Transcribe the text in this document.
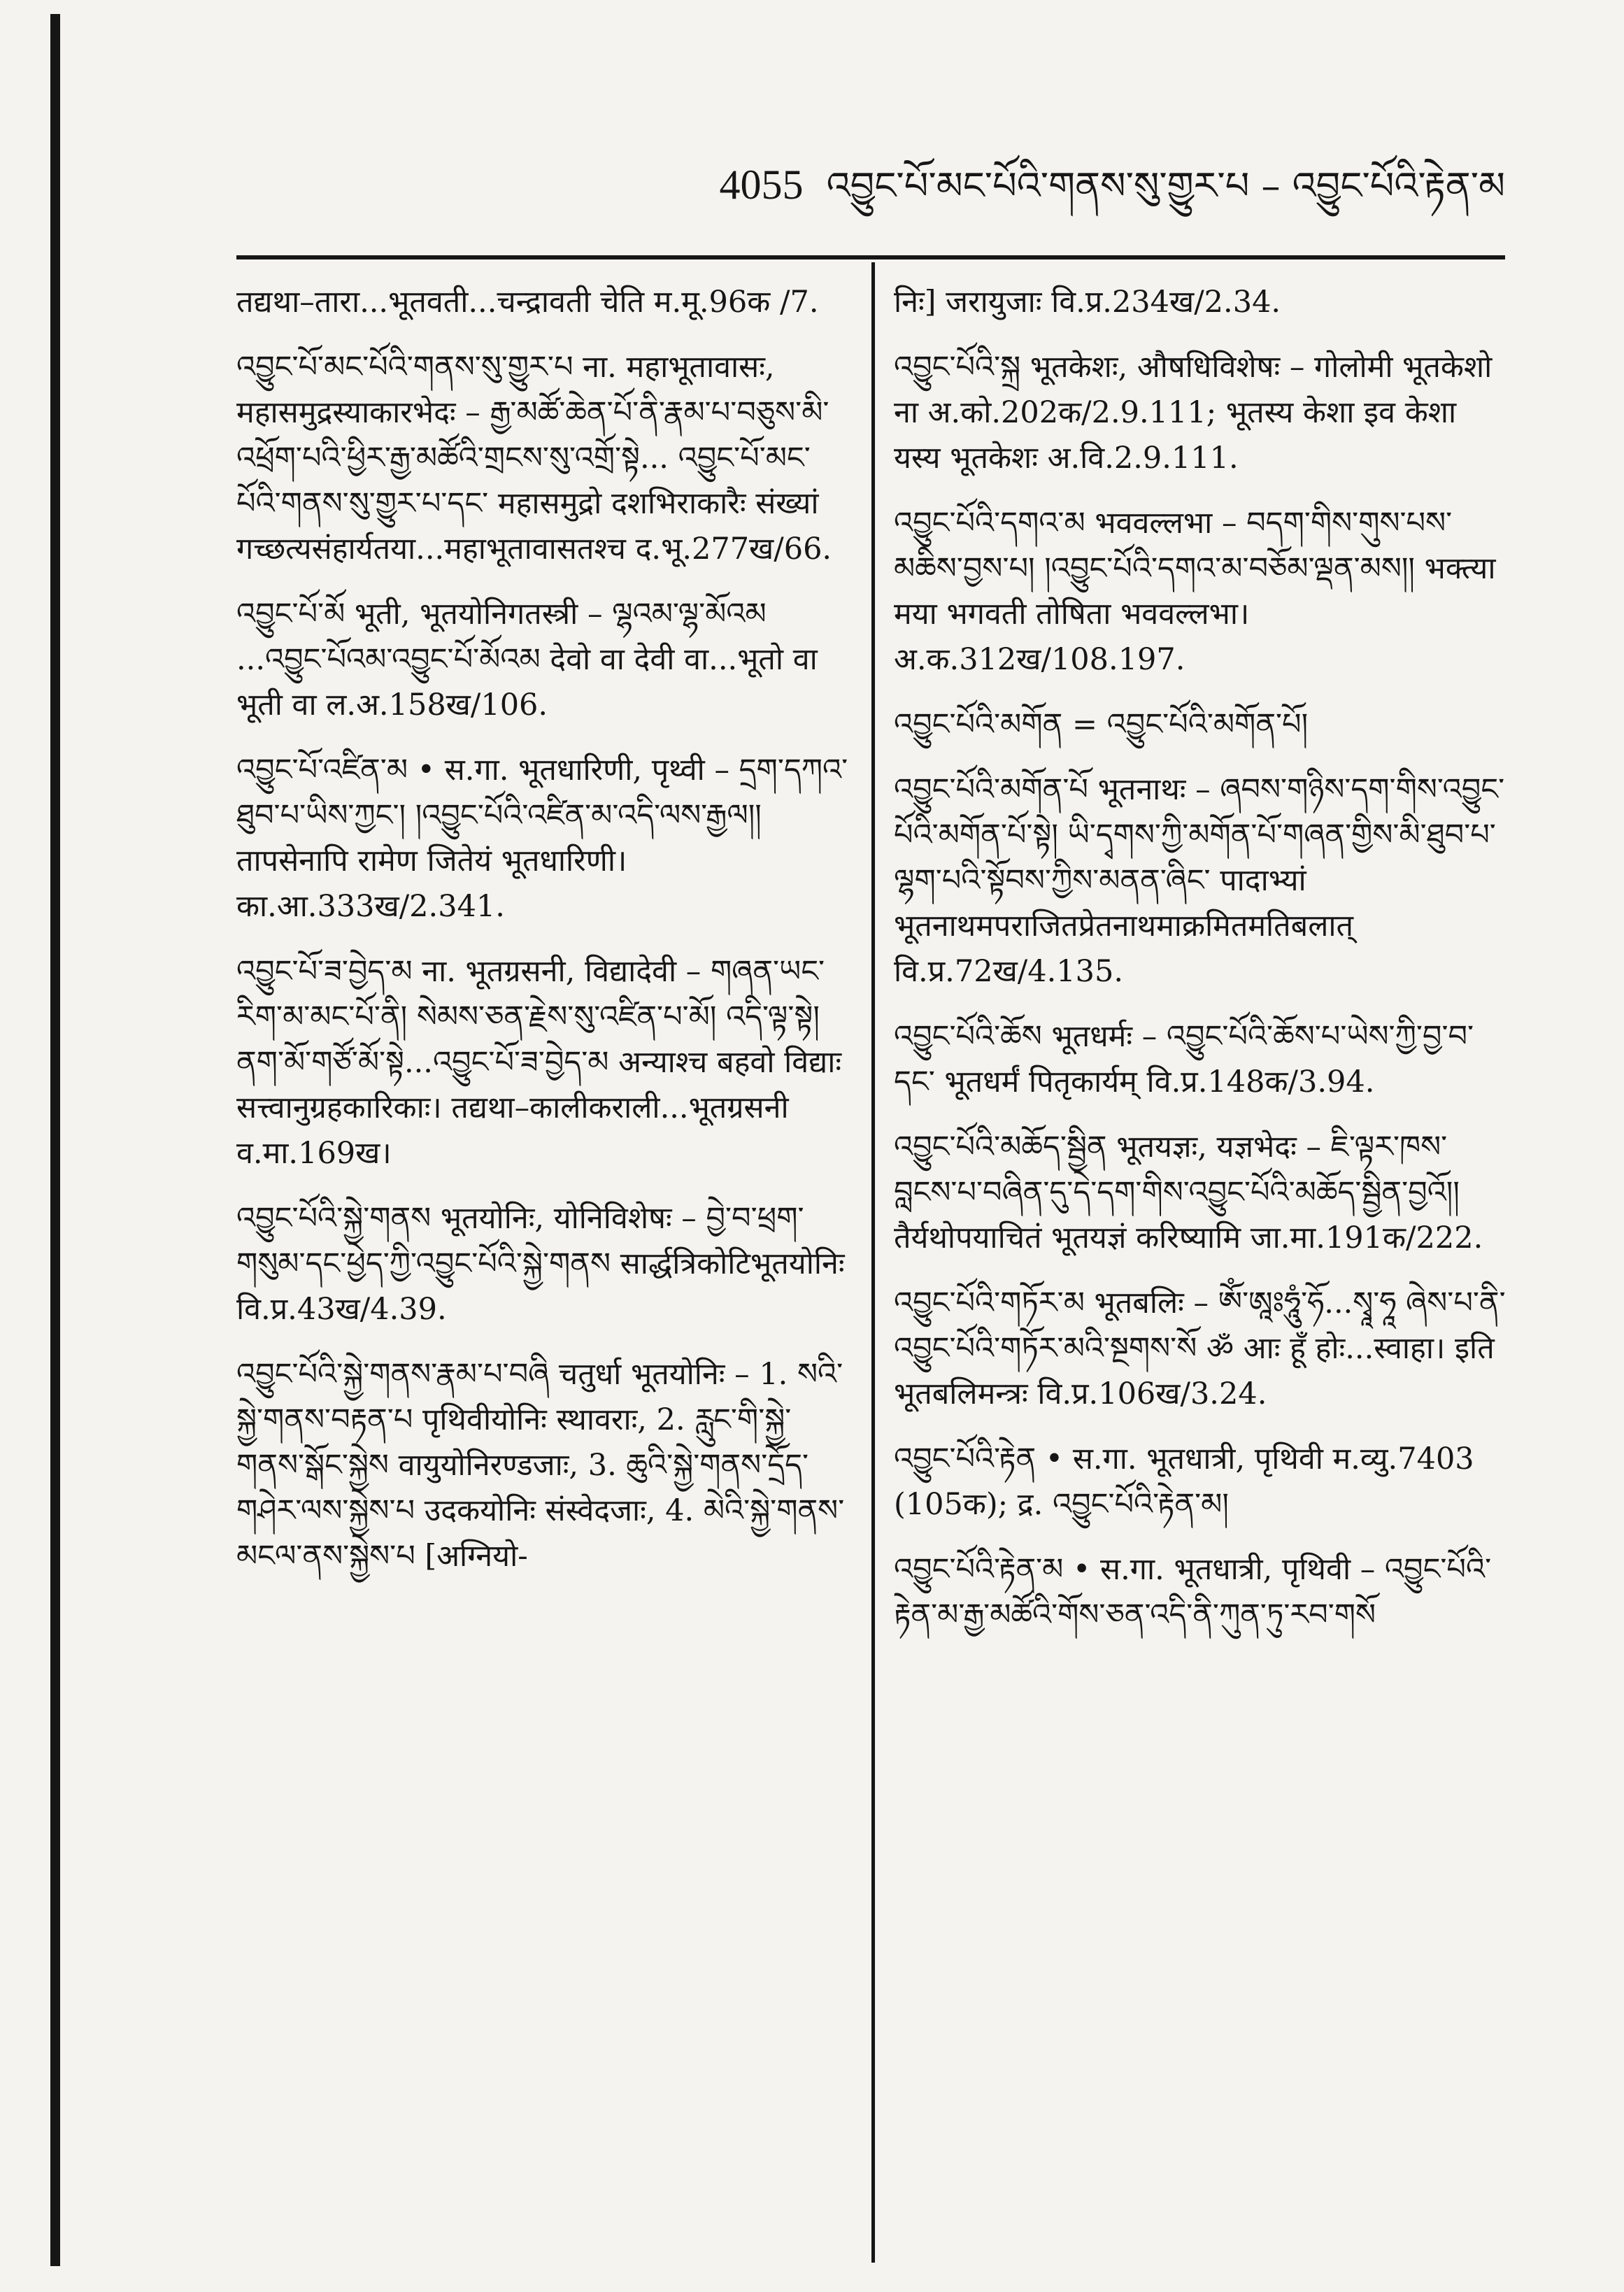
4055 འབྱུང་པོ་མང་པོའི་གནས་སུ་གྱུར་པ – འབྱུང་པོའི་རྟེན་མ

तद्यथा–तारा...भूतवती...चन्द्रावती चेति म.मू.96क /7.

འབྱུང་པོ་མང་པོའི་གནས་སུ་གྱུར་པ ना. महाभूतावासः, महासमुद्रस्याकारभेदः – རྒྱ་མཚོ་ཆེན་པོ་ནི་རྣམ་པ་བཅུས་མི་འཕྲོག་པའི་ཕྱིར་རྒྱ་མཚོའི་གྲངས་སུ་འགྲོ་སྟེ... འབྱུང་པོ་མང་པོའི་གནས་སུ་གྱུར་པ་དང་ महासमुद्रो दशभिराकारैः संख्यां गच्छत्यसंहार्यतया...महाभूतावासतश्च द.भू.277ख/66.

འབྱུང་པོ་མོ भूती, भूतयोनिगतस्त्री – ལྷའམ་ལྷ་མོའམ ...འབྱུང་པོའམ་འབྱུང་པོ་མོའམ देवो वा देवी वा...भूतो वा भूती वा ल.अ.158ख/106.

འབྱུང་པོ་འཛིན་མ • स.गा. भूतधारिणी, पृथ्वी – དྲག་དཀའ་ཐུབ་པ་ཡིས་ཀྱང་། །འབྱུང་པོའི་འཛིན་མ་འདི་ལས་རྒྱལ།། तापसेनापि रामेण जितेयं भूतधारिणी। का.आ.333ख/2.341.

འབྱུང་པོ་ཟ་བྱེད་མ ना. भूतग्रसनी, विद्यादेवी – གཞན་ཡང་རིག་མ་མང་པོ་ནི། སེམས་ཅན་རྗེས་སུ་འཛིན་པ་མོ། འདི་ལྟ་སྟེ། ནག་མོ་གཙོ་མོ་སྟེ...འབྱུང་པོ་ཟ་བྱེད་མ अन्याश्च बहवो विद्याः सत्त्वानुग्रहकारिकाः। तद्यथा–कालीकराली...भूतग्रसनी व.मा.169ख।

འབྱུང་པོའི་སྐྱེ་གནས भूतयोनिः, योनिविशेषः – བྱེ་བ་ཕྲག་གསུམ་དང་ཕྱེད་ཀྱི་འབྱུང་པོའི་སྐྱེ་གནས सार्द्धत्रिकोटिभूतयोनिः वि.प्र.43ख/4.39.

འབྱུང་པོའི་སྐྱེ་གནས་རྣམ་པ་བཞི चतुर्धा भूतयोनिः – 1. སའི་སྐྱེ་གནས་བརྟན་པ पृथिवीयोनिः स्थावराः, 2. རླུང་གི་སྐྱེ་གནས་སྒོང་སྐྱེས वायुयोनिरण्डजाः, 3. ཆུའི་སྐྱེ་གནས་དྲོད་གཤེར་ལས་སྐྱེས་པ उदकयोनिः संस्वेदजाः, 4. མེའི་སྐྱེ་གནས་མངལ་ནས་སྐྱེས་པ [अग्नियो-

निः] जरायुजाः वि.प्र.234ख/2.34.

འབྱུང་པོའི་སྐྲ भूतकेशः, औषधिविशेषः – गोलोमी भूतकेशो ना अ.को.202क/2.9.111; भूतस्य केशा इव केशा यस्य भूतकेशः अ.वि.2.9.111.

འབྱུང་པོའི་དགའ་མ भववल्लभा – བདག་གིས་གུས་པས་མཆིས་བྱས་པ། །འབྱུང་པོའི་དགའ་མ་བཅོམ་ལྡན་མས།། भक्त्या मया भगवती तोषिता भववल्लभा। अ.क.312ख/108.197.

འབྱུང་པོའི་མགོན = འབྱུང་པོའི་མགོན་པོ།

འབྱུང་པོའི་མགོན་པོ भूतनाथः – ཞབས་གཉིས་དག་གིས་འབྱུང་པོའི་མགོན་པོ་སྟེ། ཡི་དྭགས་ཀྱི་མགོན་པོ་གཞན་གྱིས་མི་ཐུབ་པ་ལྷག་པའི་སྟོབས་ཀྱིས་མནན་ཞིང་ पादाभ्यां भूतनाथमपराजितप्रेतनाथमाक्रमितमतिबलात् वि.प्र.72ख/4.135.

འབྱུང་པོའི་ཆོས भूतधर्मः – འབྱུང་པོའི་ཆོས་པ་ཡེས་ཀྱི་བྱ་བ་དང་ भूतधर्मं पितृकार्यम् वि.प्र.148क/3.94.

འབྱུང་པོའི་མཆོད་སྦྱིན भूतयज्ञः, यज्ञभेदः – ཇི་ལྟར་ཁས་བླངས་པ་བཞིན་དུ་དེ་དག་གིས་འབྱུང་པོའི་མཆོད་སྦྱིན་བྱའོ།། तैर्यथोपयाचितं भूतयज्ञं करिष्यामि जा.मा.191क/222.

འབྱུང་པོའི་གཏོར་མ भूतबलिः – ཨོཾ་ཨཱཿཧཱུཾ་ཧོ...སྭཱ་ཧཱ ཞེས་པ་ནི་འབྱུང་པོའི་གཏོར་མའི་སྔགས་སོ ॐ आः हूँ होः...स्वाहा। इति भूतबलिमन्त्रः वि.प्र.106ख/3.24.

འབྱུང་པོའི་རྟེན • स.गा. भूतधात्री, पृथिवी म.व्यु.7403 (105क); द्र. འབྱུང་པོའི་རྟེན་མ།

འབྱུང་པོའི་རྟེན་མ • स.गा. भूतधात्री, पृथिवी – འབྱུང་པོའི་རྟེན་མ་རྒྱ་མཚོའི་གོས་ཅན་འདི་ནི་ཀུན་ཏུ་རབ་གསོ
